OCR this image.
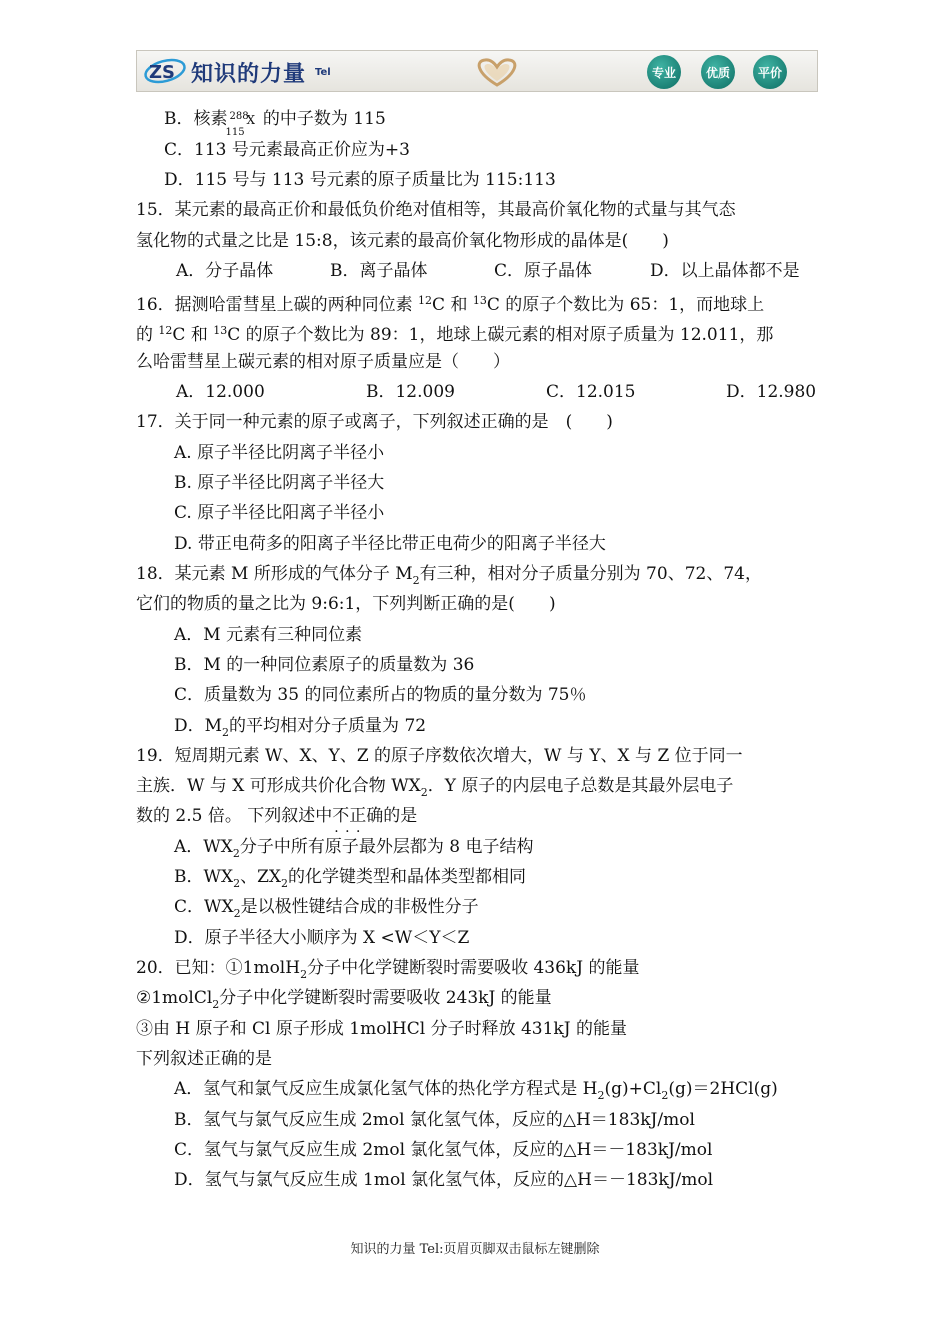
ZS 知识的力量 Tel	专业	优质	平价
B．核素 288
115
X 的中子数为 115
C．113 号元素最高正价应为+3
D．115 号与 113 号元素的原子质量比为 115:113
15．某元素的最高正价和最低负价绝对值相等，其最高价氧化物的式量与其气态
氢化物的式量之比是 15:8，该元素的最高价氧化物形成的晶体是(　　)
A．分子晶体	B．离子晶体	C．原子晶体	D．以上晶体都不是
16．据测哈雷彗星上碳的两种同位素 $^{12}$C 和 $^{13}$C 的原子个数比为 65：1，而地球上
的 $^{12}$C 和 $^{13}$C 的原子个数比为 89：1，地球上碳元素的相对原子质量为 12.011，那
么哈雷彗星上碳元素的相对原子质量应是（　　）
A．12.000	B．12.009	C．12.015	D．12.980
17．关于同一种元素的原子或离子，下列叙述正确的是　(　　)
A. 原子半径比阴离子半径小
B. 原子半径比阴离子半径大
C. 原子半径比阳离子半径小
D. 带正电荷多的阳离子半径比带正电荷少的阳离子半径大
18．某元素 M 所形成的气体分子 $M_2$有三种，相对分子质量分别为 70、72、74，
它们的物质的量之比为 9:6:1，下列判断正确的是(　　)
A．M 元素有三种同位素
B．M 的一种同位素原子的质量数为 36
C．质量数为 35 的同位素所占的物质的量分数为 75％
D．$M_2$的平均相对分子质量为 72
19．短周期元素 W、X、Y、Z 的原子序数依次增大，W 与 Y、X 与 Z 位于同一
主族．W 与 X 可形成共价化合物 $WX_2$．Y 原子的内层电子总数是其最外层电子
数的 2.5 倍。 下列叙述中不正确 · · ·的是
A．$WX_2$分子中所有原子最外层都为 8 电子结构
B．$WX_2$、$ZX_2$的化学键类型和晶体类型都相同
C．$WX_2$是以极性键结合成的非极性分子
D．原子半径大小顺序为 X <W＜Y＜Z
20．已知：①1molH$_2$分子中化学键断裂时需要吸收 436kJ 的能量
②1molCl$_2$分子中化学键断裂时需要吸收 243kJ 的能量
③由 H 原子和 Cl 原子形成 1molHCl 分子时释放 431kJ 的能量
下列叙述正确的是
A．氢气和氯气反应生成氯化氢气体的热化学方程式是 $H_2(g)+Cl_2(g)=2HCl(g)$
B．氢气与氯气反应生成 2mol 氯化氢气体，反应的△H＝183kJ/mol
C．氢气与氯气反应生成 2mol 氯化氢气体，反应的△H＝－183kJ/mol
D．氢气与氯气反应生成 1mol 氯化氢气体，反应的△H＝－183kJ/mol
知识的力量 Tel:页眉页脚双击鼠标左键删除
